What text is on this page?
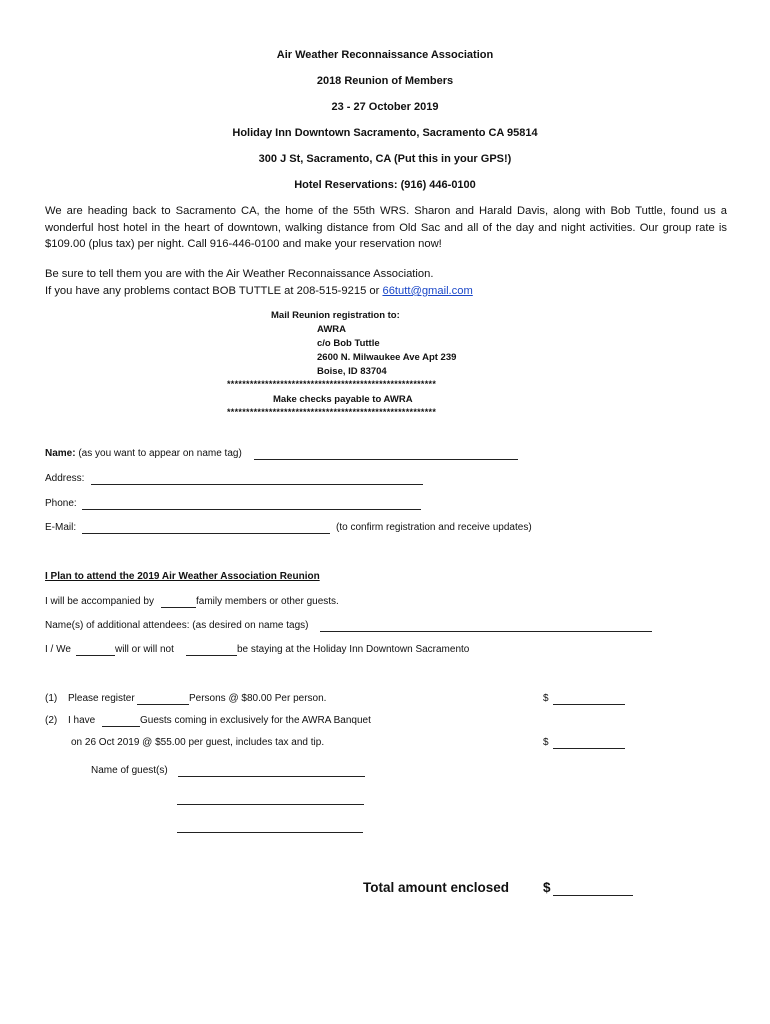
Air Weather Reconnaissance Association
2018 Reunion of Members
23 - 27 October 2019
Holiday Inn Downtown Sacramento, Sacramento CA 95814
300 J St, Sacramento, CA (Put this in your GPS!)
Hotel Reservations: (916) 446-0100
We are heading back to Sacramento CA, the home of the 55th WRS. Sharon and Harald Davis, along with Bob Tuttle, found us a wonderful host hotel in the heart of downtown, walking distance from Old Sac and all of the day and night activities. Our group rate is $109.00 (plus tax) per night. Call 916-446-0100 and make your reservation now!
Be sure to tell them you are with the Air Weather Reconnaissance Association.
If you have any problems contact BOB TUTTLE at 208-515-9215 or 66tutt@gmail.com
Mail Reunion registration to:
AWRA
c/o Bob Tuttle
2600 N. Milwaukee Ave Apt 239
Boise, ID 83704
*******************************************************
Make checks payable to AWRA
*******************************************************
Name: (as you want to appear on name tag)
Address:
Phone:
E-Mail:	(to confirm registration and receive updates)
I Plan to attend the 2019 Air Weather Association Reunion
I will be accompanied by	family members or other guests.
Name(s) of additional attendees: (as desired on name tags)
I / We	will or will not	be staying at the Holiday Inn Downtown Sacramento
(1) Please register	Persons @ $80.00 Per person.	$
(2) I have	Guests coming in exclusively for the AWRA Banquet
on 26 Oct 2019 @ $55.00 per guest, includes tax and tip.	$
Name of guest(s)
Total amount enclosed	$
